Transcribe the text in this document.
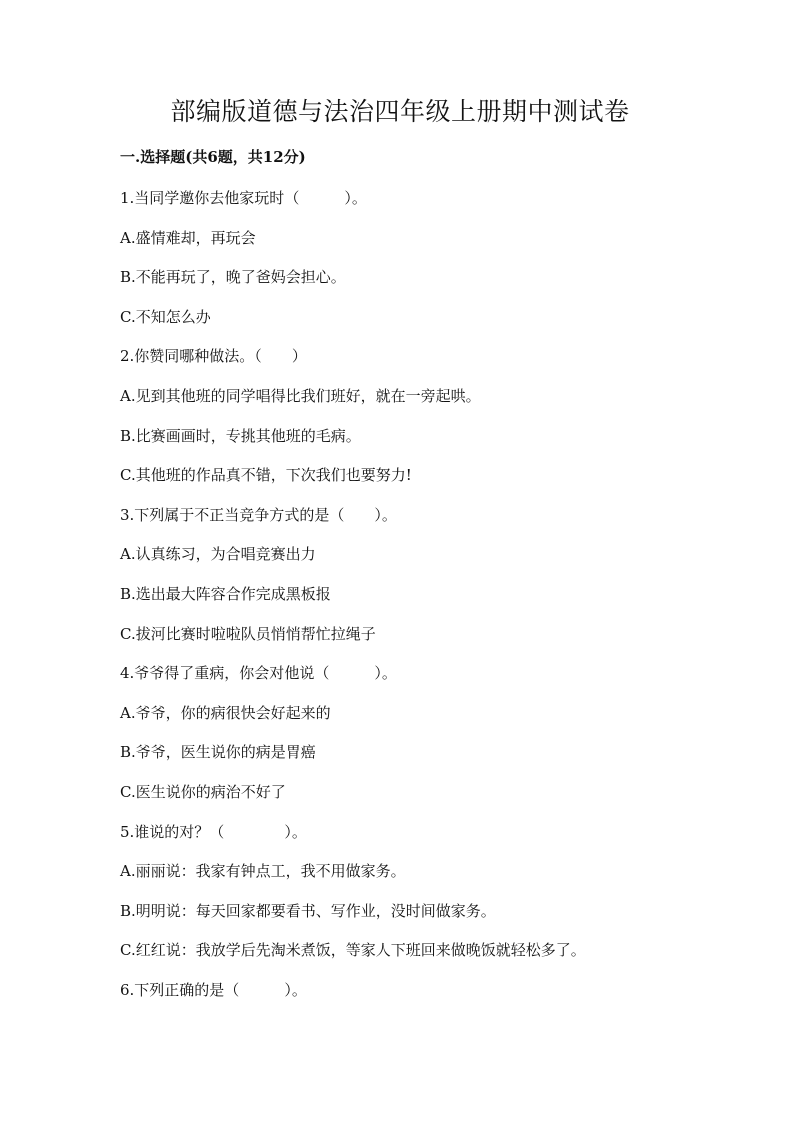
部编版道德与法治四年级上册期中测试卷
一.选择题(共6题，共12分)
1.当同学邀你去他家玩时（　　　）。
A.盛情难却，再玩会
B.不能再玩了，晚了爸妈会担心。
C.不知怎么办
2.你赞同哪种做法。（　　）
A.见到其他班的同学唱得比我们班好，就在一旁起哄。
B.比赛画画时，专挑其他班的毛病。
C.其他班的作品真不错，下次我们也要努力!
3.下列属于不正当竞争方式的是（　　）。
A.认真练习，为合唱竞赛出力
B.选出最大阵容合作完成黑板报
C.拔河比赛时啦啦队员悄悄帮忙拉绳子
4.爷爷得了重病，你会对他说（　　　）。
A.爷爷，你的病很快会好起来的
B.爷爷，医生说你的病是胃癌
C.医生说你的病治不好了
5.谁说的对？（　　　　）。
A.丽丽说：我家有钟点工，我不用做家务。
B.明明说：每天回家都要看书、写作业，没时间做家务。
C.红红说：我放学后先淘米煮饭，等家人下班回来做晚饭就轻松多了。
6.下列正确的是（　　　）。
